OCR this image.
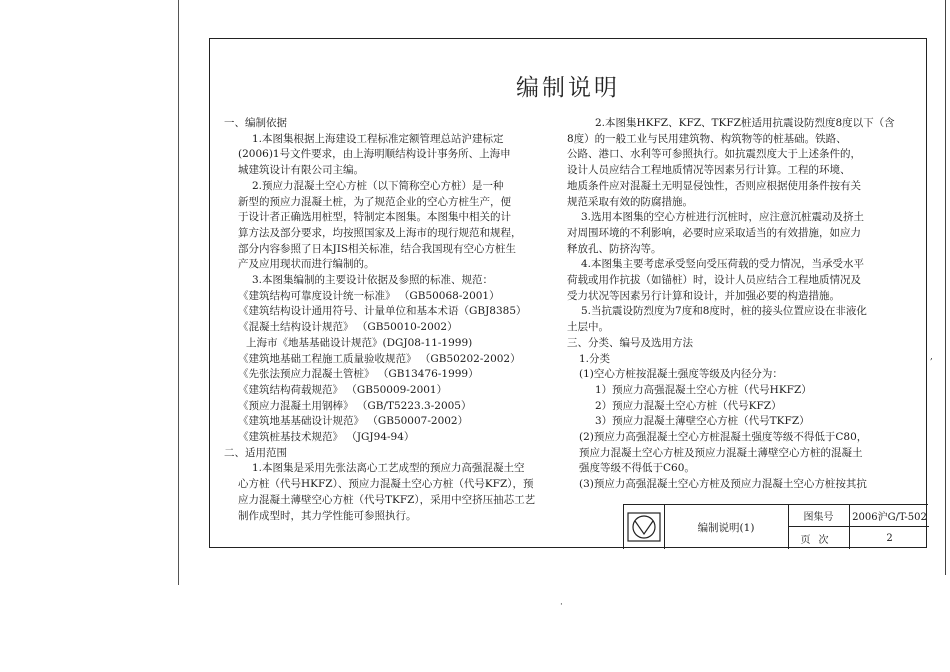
编制说明
一、编制依据
1.本图集根据上海建设工程标准定额管理总站沪建标定
(2006)1号文件要求，由上海明顺结构设计事务所、上海申
城建筑设计有限公司主编。
2.预应力混凝土空心方桩（以下简称空心方桩）是一种
新型的预应力混凝土桩，为了规范企业的空心方桩生产，便
于设计者正确选用桩型，特制定本图集。本图集中相关的计
算方法及部分要求，均按照国家及上海市的现行规范和规程，
部分内容参照了日本JIS相关标准，结合我国现有空心方桩生
产及应用现状而进行编制的。
3.本图集编制的主要设计依据及参照的标准、规范：
《建筑结构可靠度设计统一标准》 （GB50068-2001）
《建筑结构设计通用符号、计量单位和基本术语（GBJ8385）
《混凝土结构设计规范》 （GB50010-2002）
上海市《地基基础设计规范》(DGJ08-11-1999)
《建筑地基础工程施工质量验收规范》 （GB50202-2002）
《先张法预应力混凝土管桩》 （GB13476-1999）
《建筑结构荷载规范》 （GB50009-2001）
《预应力混凝土用钢棒》 （GB/T5223.3-2005）
《建筑地基基础设计规范》 （GB50007-2002）
《建筑桩基技术规范》 （JGJ94-94）
二、适用范围
1.本图集是采用先张法离心工艺成型的预应力高强混凝土空
心方桩（代号HKFZ）、预应力混凝土空心方桩（代号KFZ），预
应力混凝土薄壁空心方桩（代号TKFZ），采用中空挤压抽芯工艺
制作成型时，其力学性能可参照执行。
2.本图集HKFZ、KFZ、TKFZ桩适用抗震设防烈度8度以下（含
8度）的一般工业与民用建筑物、构筑物等的桩基础。铁路、
公路、港口、水利等可参照执行。如抗震烈度大于上述条件的，
设计人员应结合工程地质情况等因素另行计算。工程的环境、
地质条件应对混凝土无明显侵蚀性，否则应根据使用条件按有关
规范采取有效的防腐措施。
3.选用本图集的空心方桩进行沉桩时，应注意沉桩震动及挤土
对周围环境的不利影响，必要时应采取适当的有效措施，如应力
释放孔、防挤沟等。
4.本图集主要考虑承受竖向受压荷载的受力情况，当承受水平
荷载或用作抗拔（如锚桩）时，设计人员应结合工程地质情况及
受力状况等因素另行计算和设计，并加强必要的构造措施。
5.当抗震设防烈度为7度和8度时，桩的接头位置应设在非液化
土层中。
三、分类、编号及选用方法
1.分类
(1)空心方桩按混凝土强度等级及内径分为：
1）预应力高强混凝土空心方桩（代号HKFZ）
2）预应力混凝土空心方桩（代号KFZ）
3）预应力混凝土薄壁空心方桩（代号TKFZ）
(2)预应力高强混凝土空心方桩混凝土强度等级不得低于C80，
预应力混凝土空心方桩及预应力混凝土薄壁空心方桩的混凝土
强度等级不得低于C60。
(3)预应力高强混凝土空心方桩及预应力混凝土空心方桩按其抗
编制说明(1)
图集号	2006沪G/T-502
页次	2
,
·
